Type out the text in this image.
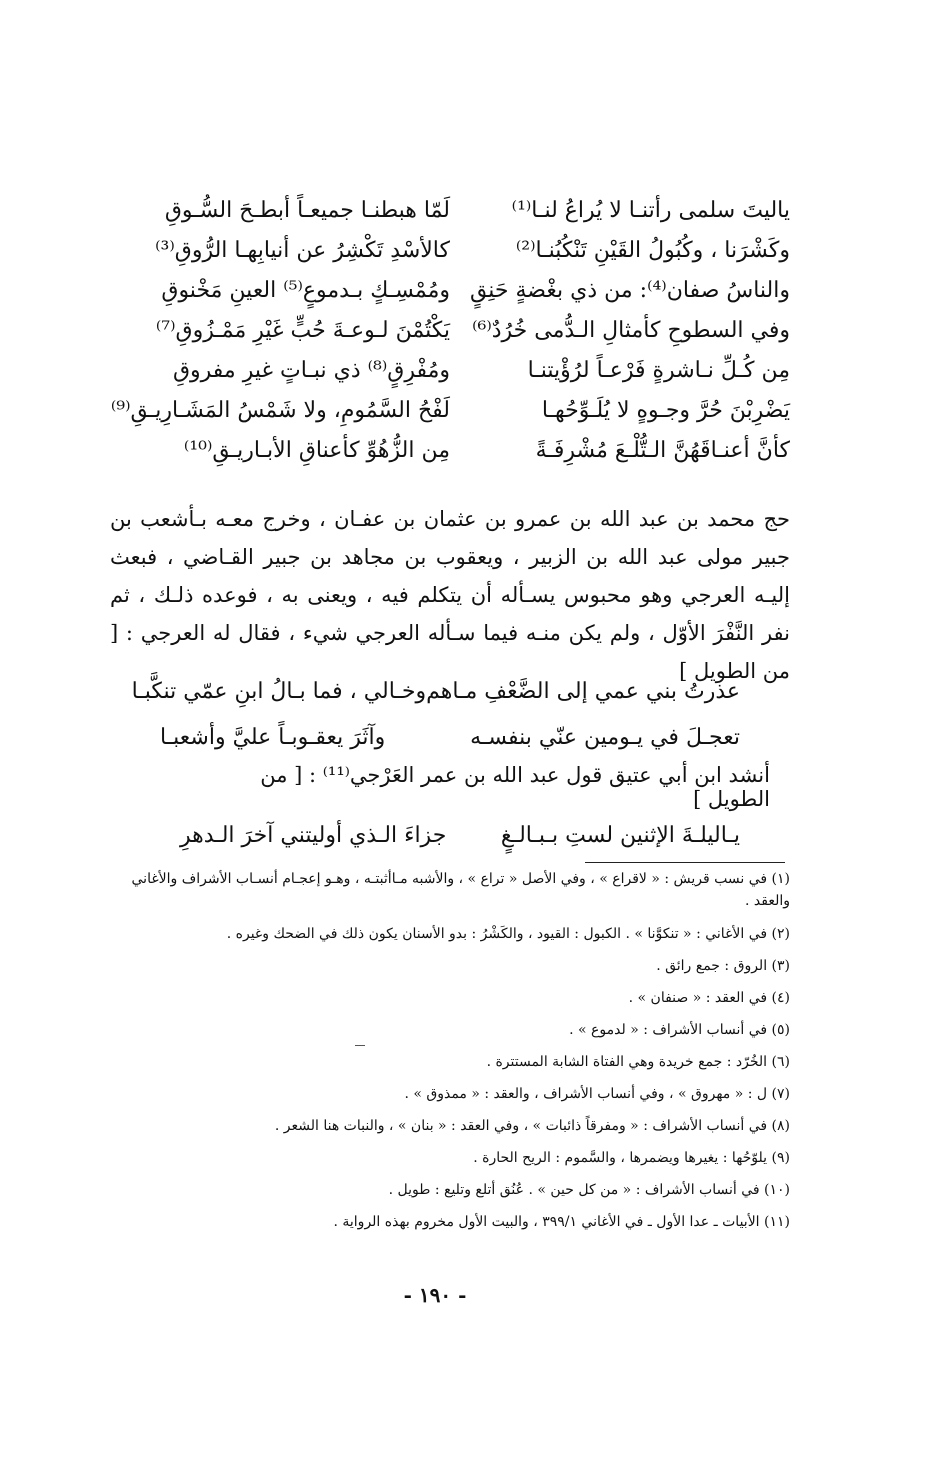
ياليتَ سلمى رأتنـا لا يُراعُ لنـا⁽¹⁾
لَمّا هبطنـا جميعـاً أبطـحَ السُّـوقِ
وكَشْرَنا ، وكُبُولُ القَيْنِ تَنْكُبُنـا⁽²⁾
كالأسْدِ تَكْشِرُ عن أنيابِهـا الرُّوقِ⁽³⁾
والناسُ صفان⁽⁴⁾: من ذي بغْضةٍ حَنِقٍ
ومُمْسِـكٍ بـدموعٍ⁽⁵⁾ العينِ مَخْنوقِ
وفي السطوحِ كأمثالِ الـدُّمى خُرُدٌ⁽⁶⁾
يَكْتُمْنَ لـوعـةَ حُبٍّ غَيْرِ مَمْـزُوقِ⁽⁷⁾
مِن كُـلِّ نـاشرةٍ فَرْعـاً لرُؤْيتنـا
ومُفْرِقٍ⁽⁸⁾ ذي نبـاتٍ غيرِ مفروقِ
يَضْرِبْنَ حُرَّ وجـوهٍ لا يُلَـوِّحُهـا
لَفْحُ السَّمُومِ، ولا شَمْسُ المَشَـارِيـقِ⁽⁹⁾
كأنَّ أعنـاقَهُنَّ الـتُّلْـعَ مُشْرِفَـةً
مِن الزُّهُوِّ كأعناقِ الأبـاريـقِ⁽¹⁰⁾

حج محمد بن عبد الله بن عمرو بن عثمان بن عفـان ، وخرج معـه بـأشعب بن جبير مولى عبد الله بن الزبير ، ويعقوب بن مجاهد بن جبير القـاضي ، فبعث إليـه العرجي وهو محبوس يسـأله أن يتكلم فيه ، ويعنى به ، فوعده ذلـك ، ثم نفر النَّفْرَ الأوّل ، ولم يكن منـه فيما سـأله العرجي شيء ، فقال له العرجي : [ من الطويل ]

عذرتُ بني عمي إلى الضَّعْفِ مـاهم
وخـالي ، فما بـالُ ابنِ عمّي تنكَّبـا
تعجـلَ في يـومين عنّي بنفسـه
وآثَرَ يعقـوبـاً عليَّ وأشعبـا
أنشد ابن أبي عتيق قول عبد الله بن عمر العَرْجي⁽¹¹⁾ : [ من الطويل ]
يـاليلـةَ الإثنين لستِ بـبـالـغٍ
جزاءَ الـذي أوليتني آخرَ الـدهرِ
(١) في نسب قريش : « لاقراع » ، وفي الأصل « تراع » ، والأشبه مـاأثبتـه ، وهـو إعجـام أنسـاب الأشراف والأغاني والعقد .
(٢) في الأغاني : « تنكوَّنا » . الكبول : القيود ، والكَشْرُ : بدو الأسنان يكون ذلك في الضحك وغيره .
(٣) الروق : جمع رائق .
(٤) في العقد : « صنفان » .
(٥) في أنساب الأشراف : « لدموع » .
(٦) الخُرّد : جمع خريدة وهي الفتاة الشابة المستترة .
(٧) ل : « مهروق » ، وفي أنساب الأشراف ، والعقد : « ممذوق » .
(٨) في أنساب الأشراف : « ومفرقاً ذائبات » ، وفي العقد : « بنان » ، والنبات هنا الشعر .
(٩) يلوّحُها : يغيرها ويضمرها ، والسَّموم : الريح الحارة .
(١٠) في أنساب الأشراف : « من كل حين » . عُنُق أتلع وتليع : طويل .
(١١) الأبيات ـ عدا الأول ـ في الأغاني ٣٩٩/١ ، والبيت الأول مخروم بهذه الرواية .
- ١٩٠ -
